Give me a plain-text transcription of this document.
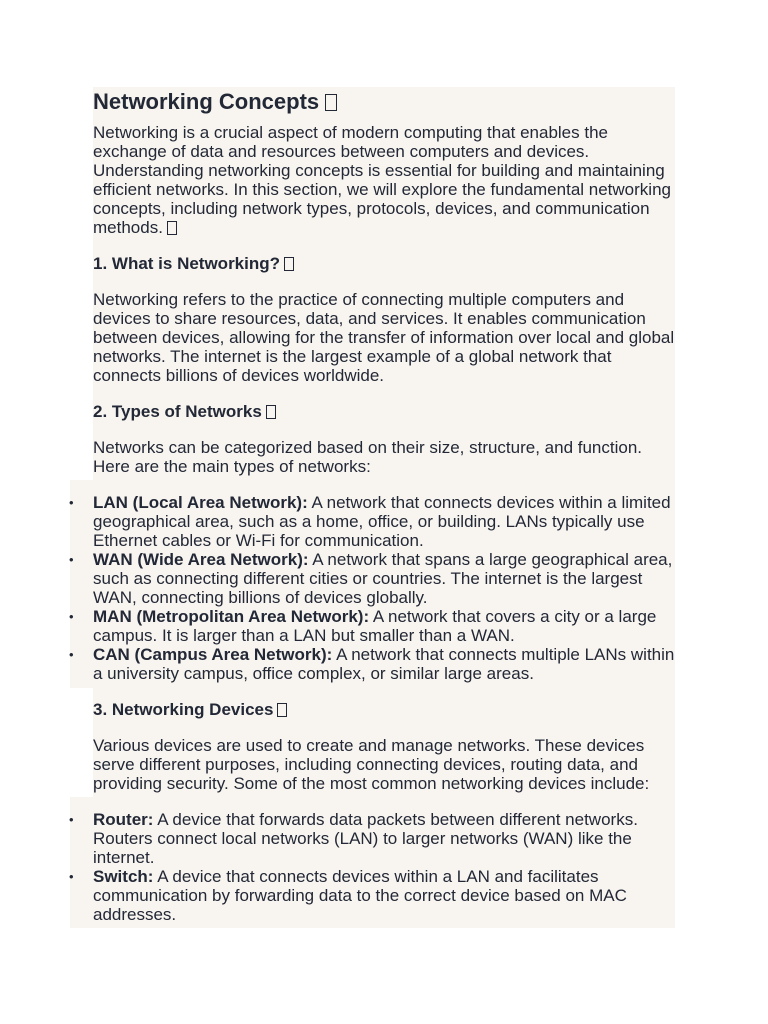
Networking Concepts

Networking is a crucial aspect of modern computing that enables the exchange of data and resources between computers and devices. Understanding networking concepts is essential for building and maintaining efficient networks. In this section, we will explore the fundamental networking concepts, including network types, protocols, devices, and communication methods.

1. What is Networking?

Networking refers to the practice of connecting multiple computers and devices to share resources, data, and services. It enables communication between devices, allowing for the transfer of information over local and global networks. The internet is the largest example of a global network that connects billions of devices worldwide.

2. Types of Networks

Networks can be categorized based on their size, structure, and function. Here are the main types of networks:

• LAN (Local Area Network): A network that connects devices within a limited geographical area, such as a home, office, or building. LANs typically use Ethernet cables or Wi-Fi for communication.
• WAN (Wide Area Network): A network that spans a large geographical area, such as connecting different cities or countries. The internet is the largest WAN, connecting billions of devices globally.
• MAN (Metropolitan Area Network): A network that covers a city or a large campus. It is larger than a LAN but smaller than a WAN.
• CAN (Campus Area Network): A network that connects multiple LANs within a university campus, office complex, or similar large areas.
3. Networking Devices

Various devices are used to create and manage networks. These devices serve different purposes, including connecting devices, routing data, and providing security. Some of the most common networking devices include:

• Router: A device that forwards data packets between different networks. Routers connect local networks (LAN) to larger networks (WAN) like the internet.
• Switch: A device that connects devices within a LAN and facilitates communication by forwarding data to the correct device based on MAC addresses.
